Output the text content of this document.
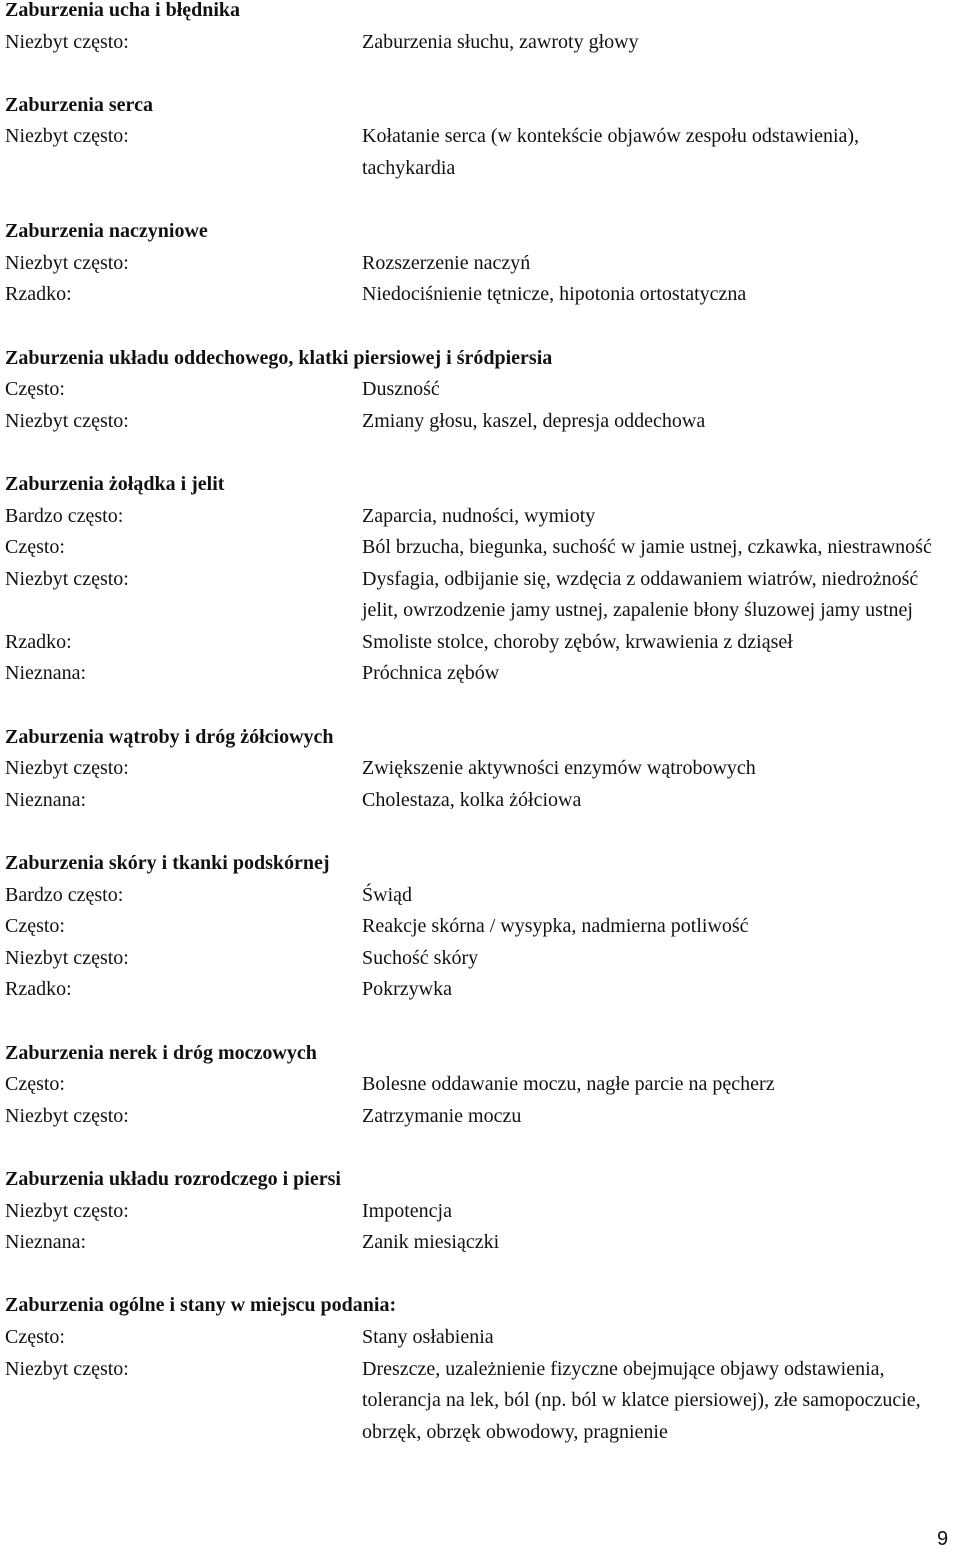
Zaburzenia ucha i błędnika
Niezbyt często:	Zaburzenia słuchu, zawroty głowy
Zaburzenia serca
Niezbyt często:	Kołatanie serca (w kontekście objawów zespołu odstawienia), tachykardia
Zaburzenia naczyniowe
Niezbyt często:	Rozszerzenie naczyń
Rzadko:	Niedociśnienie tętnicze, hipotonia ortostatyczna
Zaburzenia układu oddechowego, klatki piersiowej i śródpiersia
Często:	Duszność
Niezbyt często:	Zmiany głosu, kaszel, depresja oddechowa
Zaburzenia żołądka i jelit
Bardzo często:	Zaparcia, nudności, wymioty
Często:	Ból brzucha, biegunka, suchość w jamie ustnej, czkawka, niestrawność
Niezbyt często:	Dysfagia, odbijanie się, wzdęcia z oddawaniem wiatrów, niedrożność jelit, owrzodzenie jamy ustnej, zapalenie błony śluzowej jamy ustnej
Rzadko:	Smoliste stolce, choroby zębów, krwawienia z dziąseł
Nieznana:	Próchnica zębów
Zaburzenia wątroby i dróg żółciowych
Niezbyt często:	Zwiększenie aktywności enzymów wątrobowych
Nieznana:	Cholestaza, kolka żółciowa
Zaburzenia skóry i tkanki podskórnej
Bardzo często:	Świąd
Często:	Reakcje skórna / wysypka, nadmierna potliwość
Niezbyt często:	Suchość skóry
Rzadko:	Pokrzywka
Zaburzenia nerek i dróg moczowych
Często:	Bolesne oddawanie moczu, nagłe parcie na pęcherz
Niezbyt często:	Zatrzymanie moczu
Zaburzenia układu rozrodczego i piersi
Niezbyt często:	Impotencja
Nieznana:	Zanik miesiączki
Zaburzenia ogólne i stany w miejscu podania:
Często:	Stany osłabienia
Niezbyt często:	Dreszcze, uzależnienie fizyczne obejmujące objawy odstawienia, tolerancja na lek, ból (np. ból w klatce piersiowej), złe samopoczucie, obrzęk, obrzęk obwodowy, pragnienie
9
